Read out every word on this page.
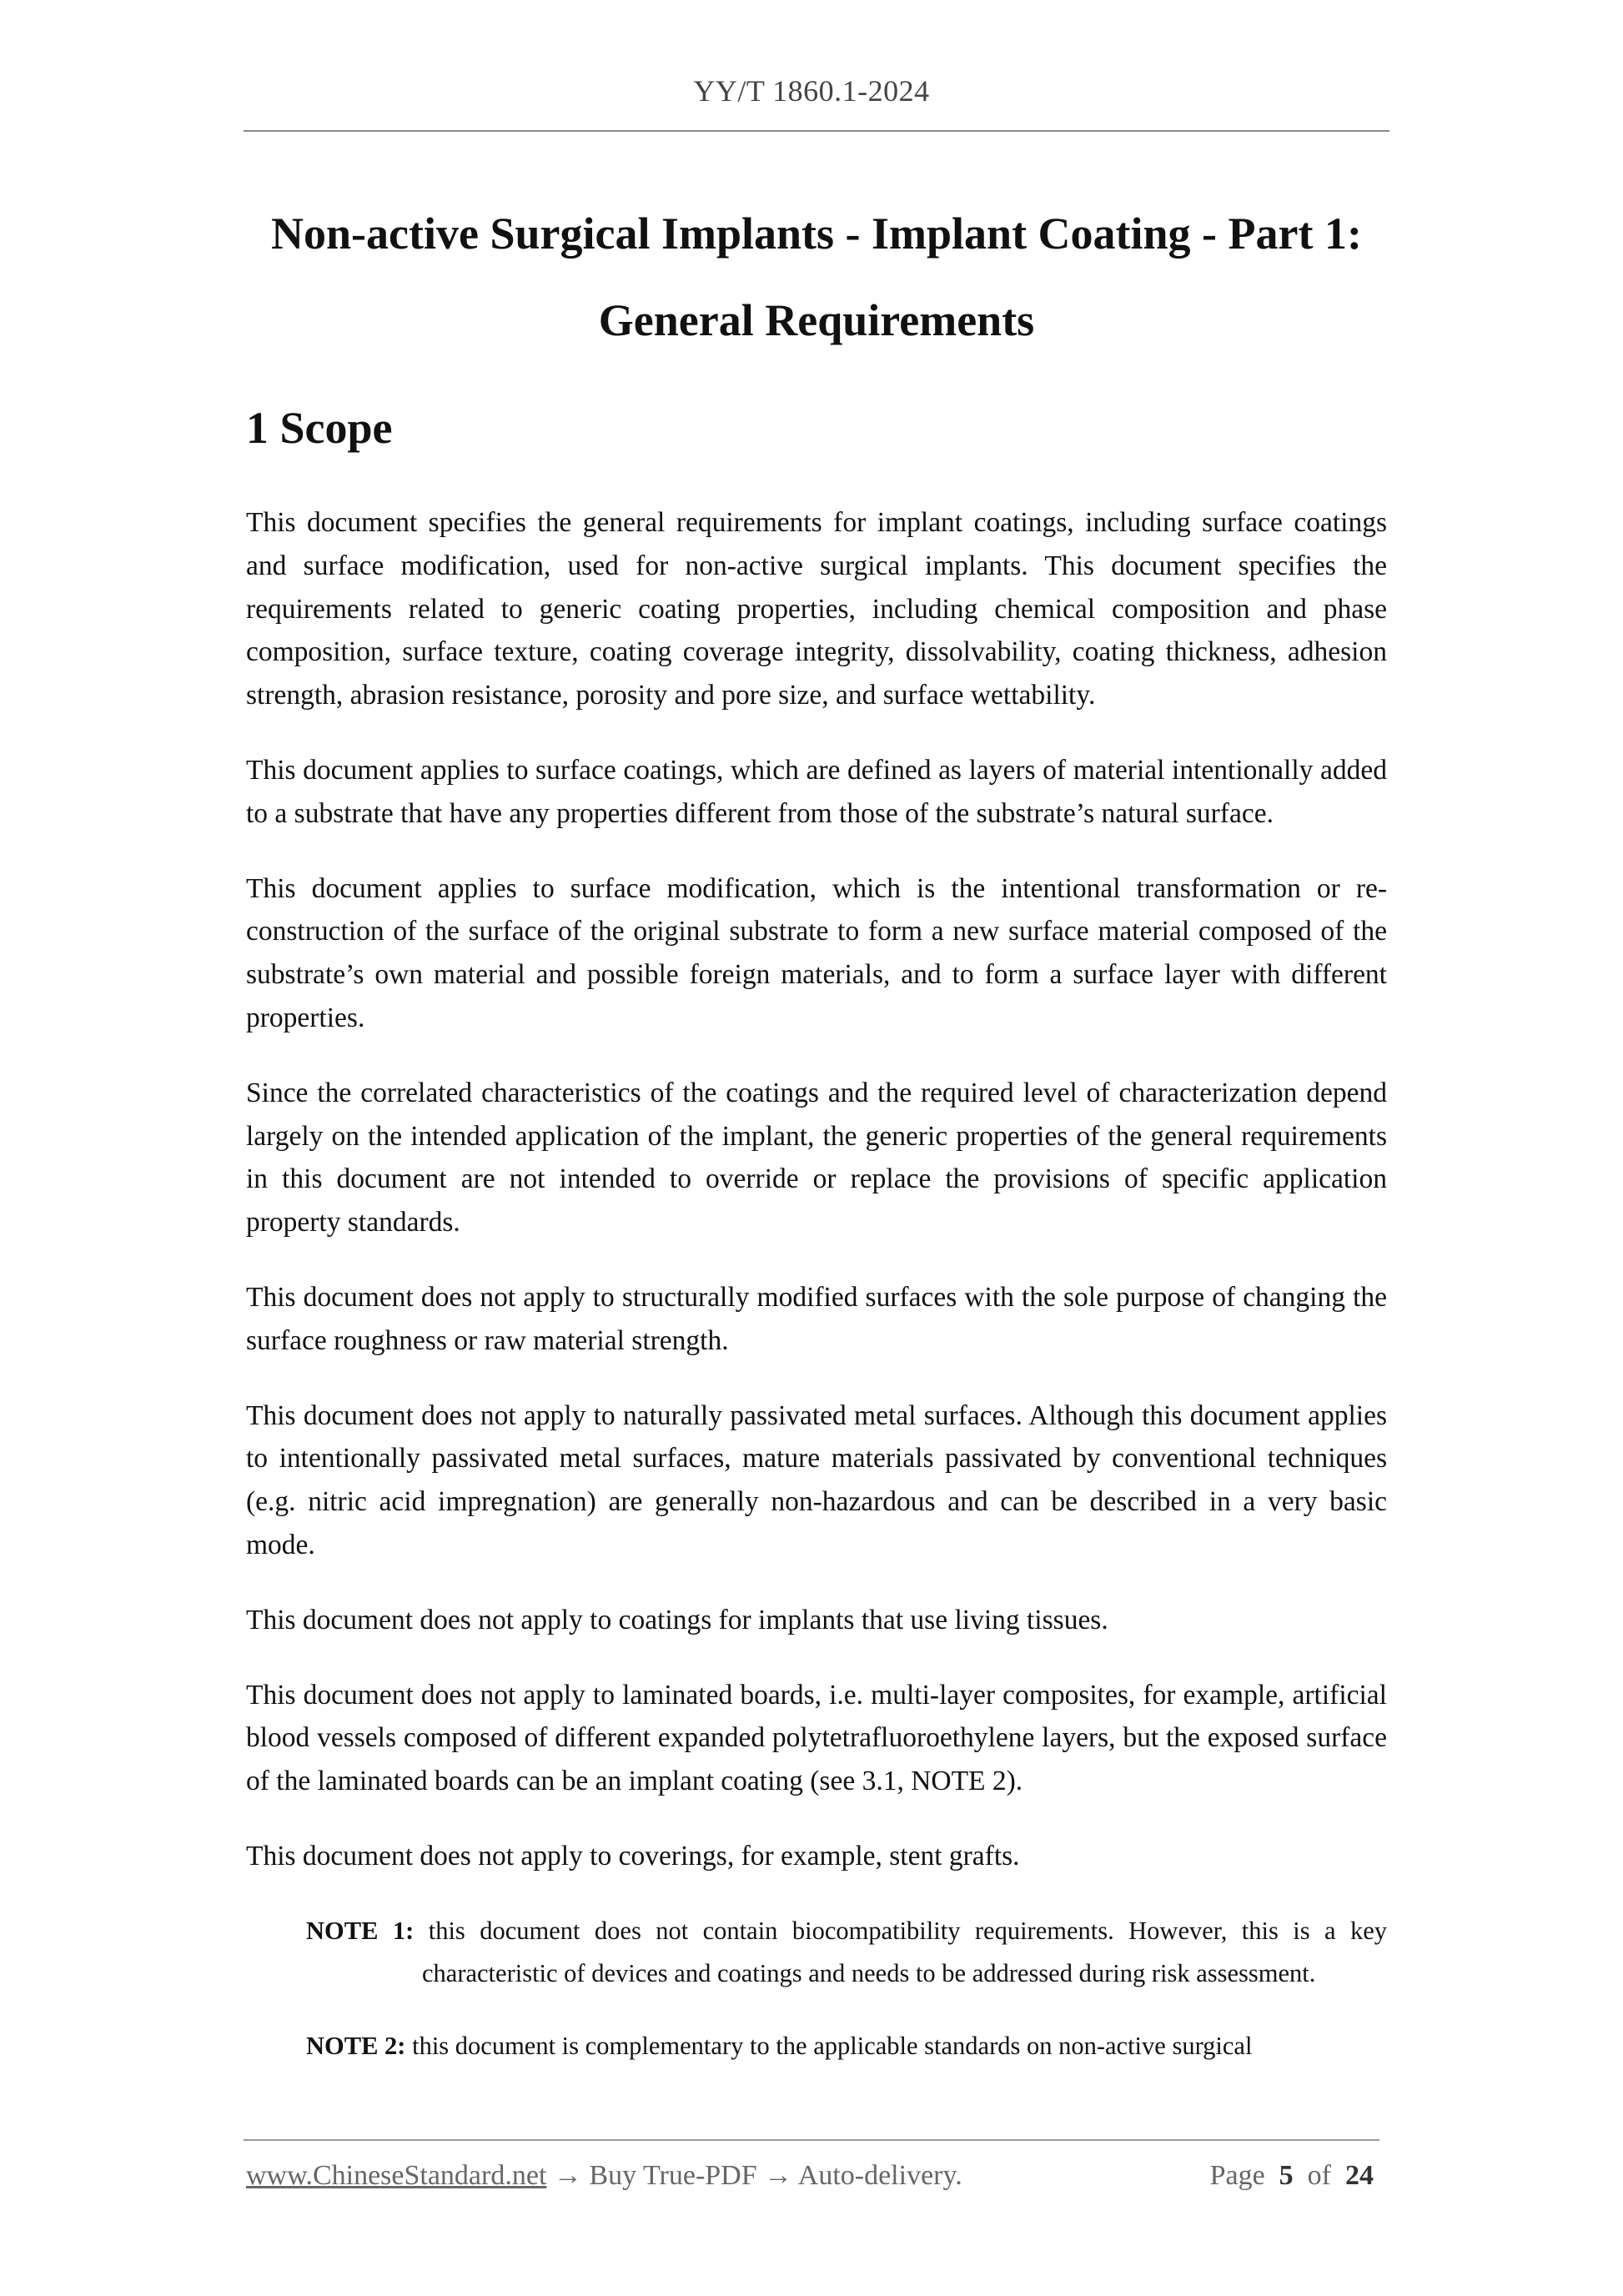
YY/T 1860.1-2024
Non-active Surgical Implants - Implant Coating - Part 1:
General Requirements
1 Scope

This document specifies the general requirements for implant coatings, including surface coatings and surface modification, used for non-active surgical implants. This document specifies the requirements related to generic coating properties, including chemical composition and phase composition, surface texture, coating coverage integrity, dissolvability, coating thickness, adhesion strength, abrasion resistance, porosity and pore size, and surface wettability.

This document applies to surface coatings, which are defined as layers of material intentionally added to a substrate that have any properties different from those of the substrate’s natural surface.

This document applies to surface modification, which is the intentional transformation or re-construction of the surface of the original substrate to form a new surface material composed of the substrate’s own material and possible foreign materials, and to form a surface layer with different properties.

Since the correlated characteristics of the coatings and the required level of characterization depend largely on the intended application of the implant, the generic properties of the general requirements in this document are not intended to override or replace the provisions of specific application property standards.

This document does not apply to structurally modified surfaces with the sole purpose of changing the surface roughness or raw material strength.

This document does not apply to naturally passivated metal surfaces. Although this document applies to intentionally passivated metal surfaces, mature materials passivated by conventional techniques (e.g. nitric acid impregnation) are generally non-hazardous and can be described in a very basic mode.

This document does not apply to coatings for implants that use living tissues.

This document does not apply to laminated boards, i.e. multi-layer composites, for example, artificial blood vessels composed of different expanded polytetrafluoroethylene layers, but the exposed surface of the laminated boards can be an implant coating (see 3.1, NOTE 2).

This document does not apply to coverings, for example, stent grafts.

NOTE 1: this document does not contain biocompatibility requirements. However, this is a key characteristic of devices and coatings and needs to be addressed during risk assessment.
NOTE 2: this document is complementary to the applicable standards on non-active surgical
www.ChineseStandard.net → Buy True-PDF → Auto-delivery.	Page 5 of 24
